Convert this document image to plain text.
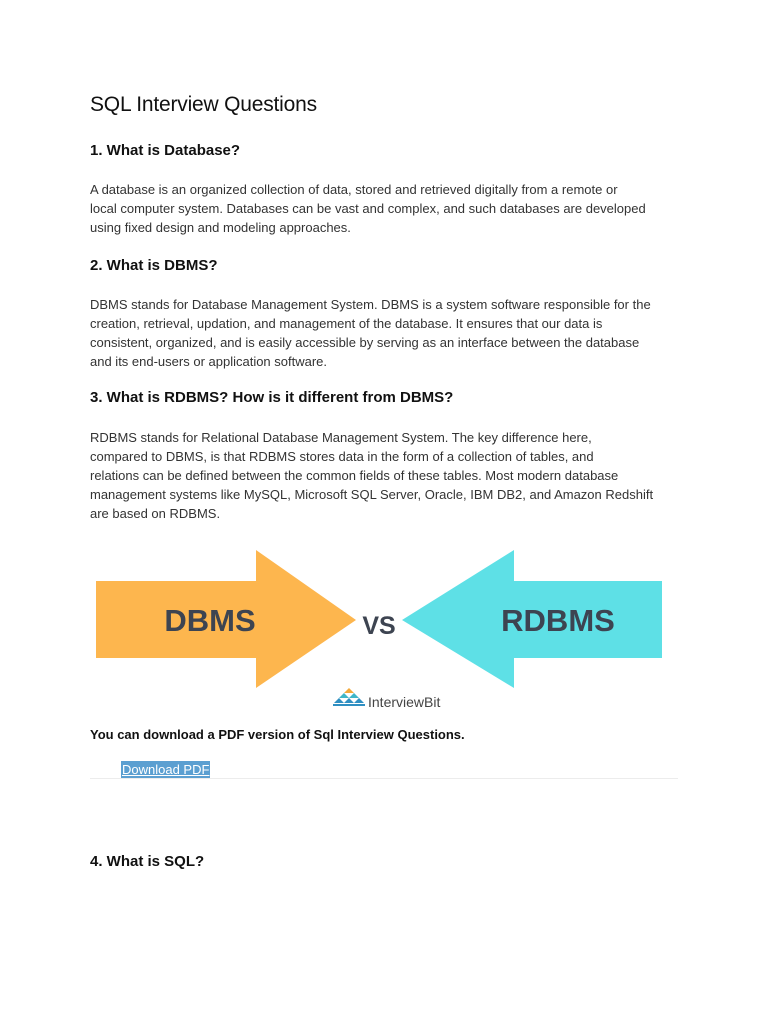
SQL Interview Questions
1. What is Database?

A database is an organized collection of data, stored and retrieved digitally from a remote or
local computer system. Databases can be vast and complex, and such databases are developed
using fixed design and modeling approaches.

2. What is DBMS?

DBMS stands for Database Management System. DBMS is a system software responsible for the
creation, retrieval, updation, and management of the database. It ensures that our data is
consistent, organized, and is easily accessible by serving as an interface between the database
and its end-users or application software.

3. What is RDBMS? How is it different from DBMS?

RDBMS stands for Relational Database Management System. The key difference here,
compared to DBMS, is that RDBMS stores data in the form of a collection of tables, and
relations can be defined between the common fields of these tables. Most modern database
management systems like MySQL, Microsoft SQL Server, Oracle, IBM DB2, and Amazon Redshift
are based on RDBMS.

DBMS	VS	RDBMS
InterviewBit

You can download a PDF version of Sql Interview Questions.

Download PDF
4. What is SQL?
